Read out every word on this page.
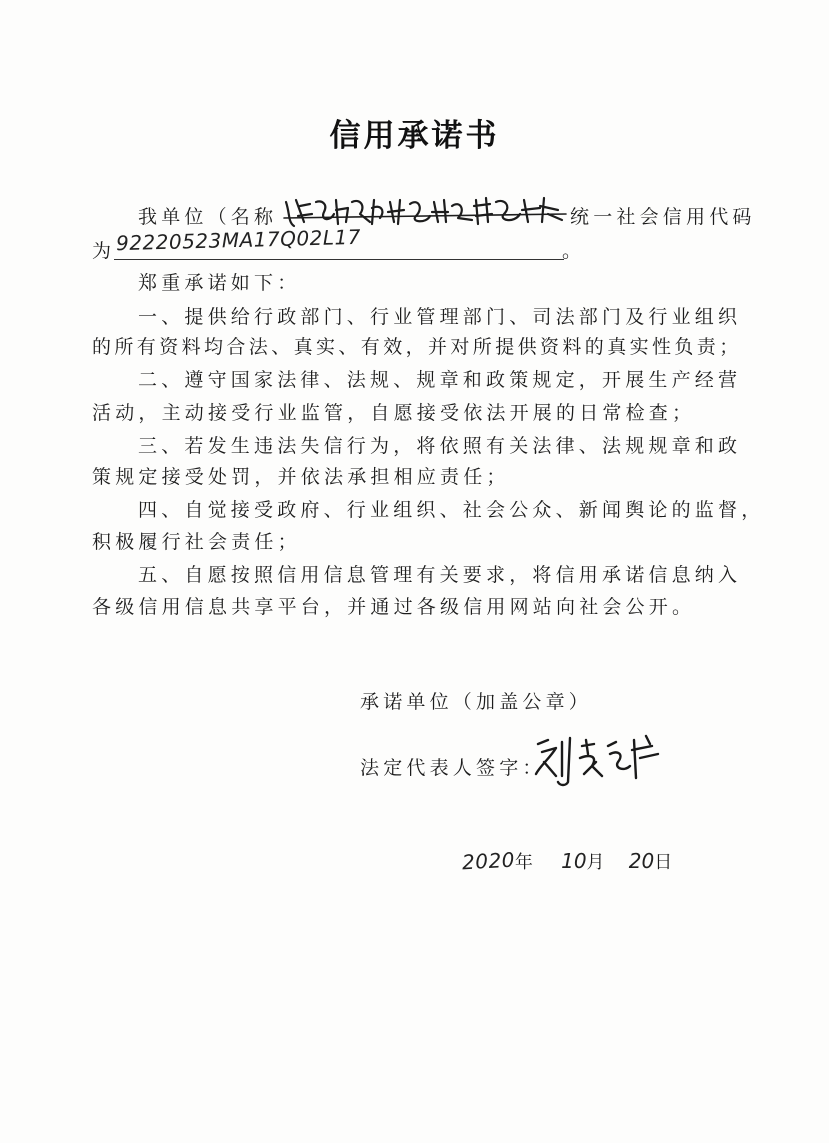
信用承诺书
我单位（名称	统一社会信用代码
为 92220523MA17Q02L17	。
郑重承诺如下：
一、提供给行政部门、行业管理部门、司法部门及行业组织
的所有资料均合法、真实、有效，并对所提供资料的真实性负责；
二、遵守国家法律、法规、规章和政策规定，开展生产经营
活动，主动接受行业监管，自愿接受依法开展的日常检查；
三、若发生违法失信行为，将依照有关法律、法规规章和政
策规定接受处罚，并依法承担相应责任；
四、自觉接受政府、行业组织、社会公众、新闻舆论的监督，
积极履行社会责任；
五、自愿按照信用信息管理有关要求，将信用承诺信息纳入
各级信用信息共享平台，并通过各级信用网站向社会公开。
承诺单位（加盖公章）
法定代表人签字：
2020年 10月 20日
